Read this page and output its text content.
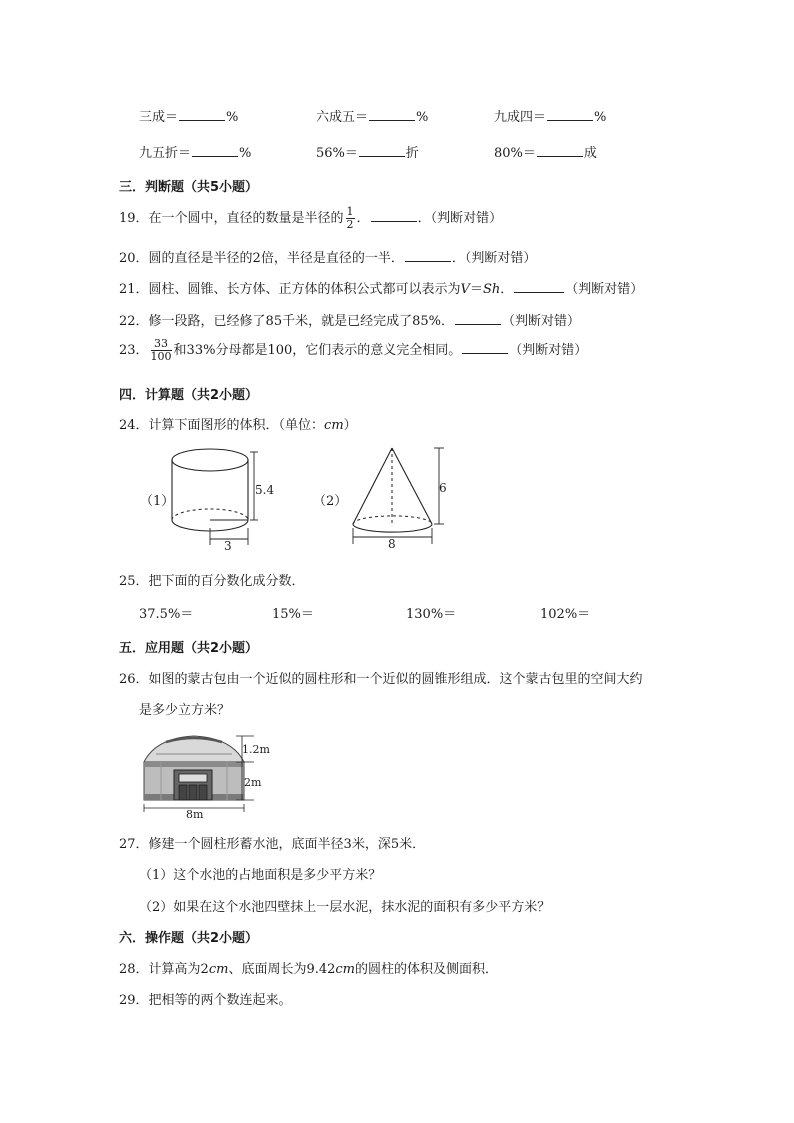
三成＝	%	六成五＝	%	九成四＝	%
九五折＝	%	56%＝	折	80%＝	成
三．判断题（共5小题）
19．在一个圆中，直径的数量是半径的 $\frac{1}{2}$ ．	．（判断对错）
20．圆的直径是半径的2倍，半径是直径的一半．	．（判断对错）
21．圆柱、圆锥、长方体、正方体的体积公式都可以表示为V＝Sh．	（判断对错）
22．修一段路，已经修了85千米，就是已经完成了85%．	（判断对错）
23． $\frac{33}{100}$ 和33%分母都是100，它们表示的意义完全相同。	（判断对错）
四．计算题（共2小题）
24．计算下面图形的体积．（单位：cm）
（1）
5.4
3
（2）
6
8
25．把下面的百分数化成分数．
37.5%＝	15%＝	130%＝	102%＝
五．应用题（共2小题）
26．如图的蒙古包由一个近似的圆柱形和一个近似的圆锥形组成．这个蒙古包里的空间大约
是多少立方米？
1.2m
2m
8m
27．修建一个圆柱形蓄水池，底面半径3米，深5米．
（1）这个水池的占地面积是多少平方米？
（2）如果在这个水池四壁抹上一层水泥，抹水泥的面积有多少平方米？
六．操作题（共2小题）
28．计算高为2cm、底面周长为9.42cm的圆柱的体积及侧面积．
29．把相等的两个数连起来。
